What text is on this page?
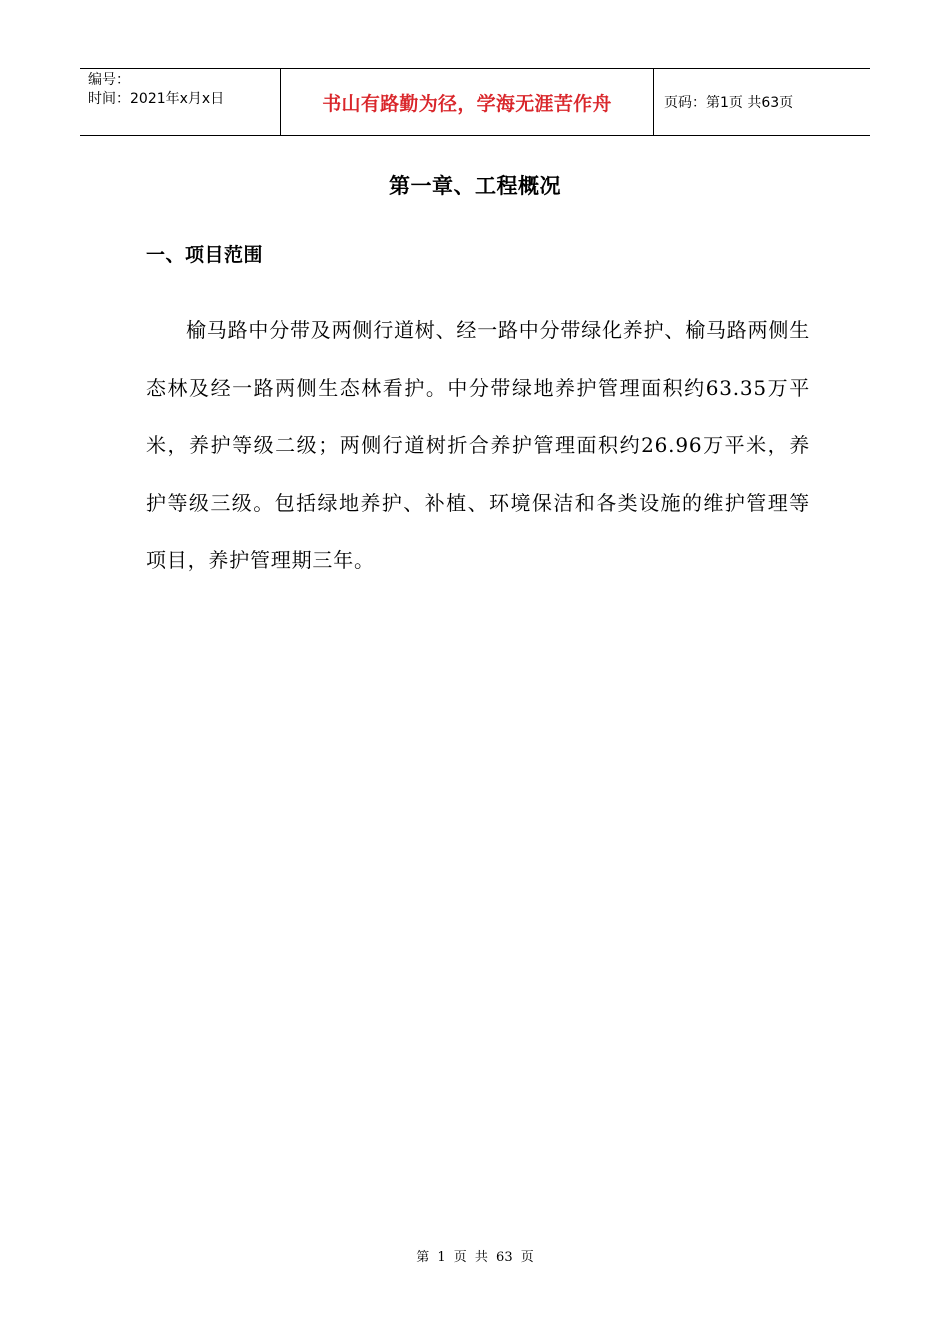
编号：
时间：2021年x月x日	书山有路勤为径，学海无涯苦作舟	页码：第1页 共63页
第一章、工程概况
一、项目范围
榆马路中分带及两侧行道树、经一路中分带绿化养护、榆马路两侧生态林及经一路两侧生态林看护。中分带绿地养护管理面积约63.35万平米，养护等级二级；两侧行道树折合养护管理面积约26.96万平米，养护等级三级。包括绿地养护、补植、环境保洁和各类设施的维护管理等项目，养护管理期三年。
第 1 页 共 63 页
